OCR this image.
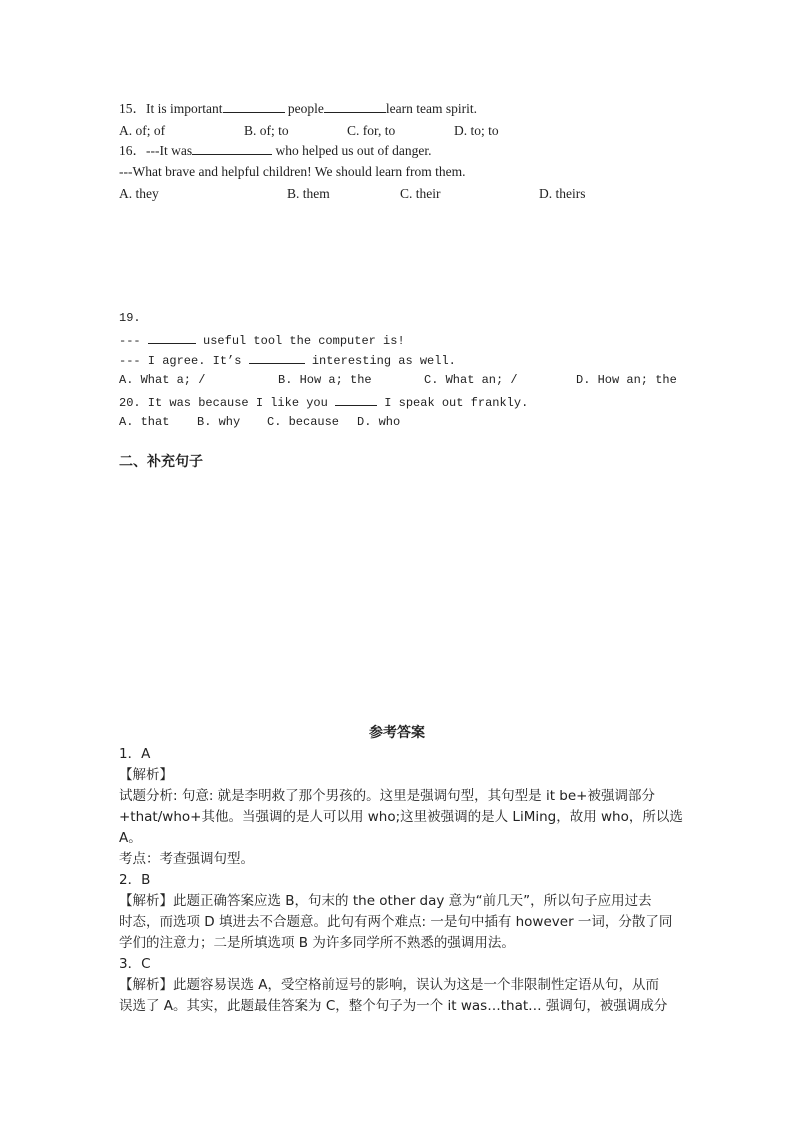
15．It is important	people	learn team spirit.
A. of; of	B. of; to	C. for, to	D. to; to
16．---It was	who helped us out of danger.
---What brave and helpful children! We should learn from them.
A. they	B. them	C. their	D. theirs
19.
---	useful tool the computer is!
--- I agree. It’s	interesting as well.
A. What a; /	B. How a; the	C. What an; /	D. How an; the
20. It was because I like you	I speak out frankly.
A. that B. why C. because D. who
二、补充句子
参考答案
1．A
【解析】
试题分析: 句意: 就是李明救了那个男孩的。这里是强调句型，其句型是 it be+被强调部分
+that/who+其他。当强调的是人可以用 who;这里被强调的是人 LiMing，故用 who，所以选
A。
考点：考查强调句型。
2．B
【解析】此题正确答案应选 B，句末的 the other day 意为“前几天”，所以句子应用过去
时态，而选项 D 填进去不合题意。此句有两个难点: 一是句中插有 however 一词，分散了同
学们的注意力；二是所填选项 B 为许多同学所不熟悉的强调用法。
3．C
【解析】此题容易误选 A，受空格前逗号的影响，误认为这是一个非限制性定语从句，从而
误选了 A。其实，此题最佳答案为 C，整个句子为一个 it was…that… 强调句，被强调成分
